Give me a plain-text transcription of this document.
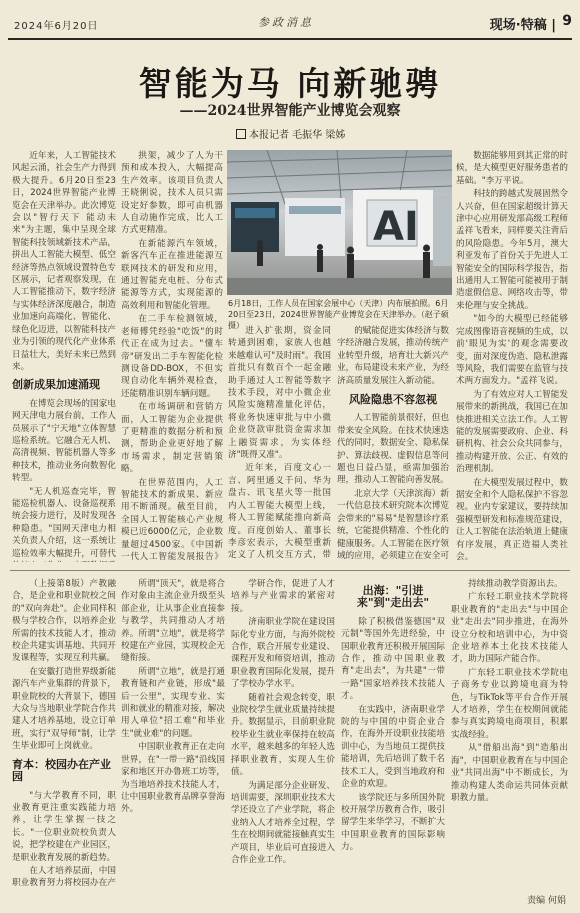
2024年6月20日	参政消息	现场·特稿 | 9
智能为马 向新驰骋
——2024世界智能产业博览会观察
本报记者 毛振华 梁姊

近年来，人工智能技术风起云涌，社会生产力得到极大提升。6月20日至23日，2024世界智能产业博览会在天津举办。此次博览会以"智行天下 能动未来"为主题，集中呈现全球智能科技领域新技术产品，拼出人工智能大模型、低空经济等热点领域设置特色专区展示，记者观察发现，在人工智能推动下，数字经济与实体经济深度融合，制造业加速向高端化、智能化、绿色化迈进，以智能科技产业为引领的现代化产业体系日益壮大，美好未来已然到来。

创新成果加速涌现

在博览会现场的国家电网天津电力展台前，工作人员展示了"宁天地"立体智慧巡检系统。它融合无人机、高清视频、智能机器人等多种技术，推动业务向数智化转型。

"无人机巡查完毕，智能巡检机器人、设备巡视系统会接力进行，及时发现各种隐患。"国网天津电力相关负责人介绍，这一系统让巡检效率大幅提升，可替代

拱架，减少了人为干预和成本投入，大幅提高生产效率。该项目负责人王晓俐说，技术人员只需设定好参数，即可由机器人自动施作完成，比人工方式更精准。

在新能源汽车领域，新客汽车正在推进能源互联网技术的研发和应用，通过智能充电桩、分布式能源等方式，实现能源的高效利用和智能化管理。

在二手车检测领域，老师傅凭经验"吃饭"的时代正在成为过去。"懂车帝"研发出二手车智能化检测设备DD-BOX，不但实现自动化车辆外观检查，还能精准识别车辆问题。

在市场调研和营销方面，人工智能为企业提供了更精准的数据分析和预测，帮助企业更好地了解市场需求，制定营销策略。

在世界范围内，人工智能技术的新成果、新应用不断涌现。截至目前，全国人工智能核心产业规模已近6000亿元，企业数量超过4500家。《中国新一代人工智能发展报告》

AI
6月18日，工作人员在国家会展中心（天津）内布展拍照。6月20日至23日，2024世界智能产业博览会在天津举办。（赵子硕 摄）

进入扩张期，资金同转通到困难，家族人也越来越难认可"及时雨"。我国首批只有数百个一起金融助手通过人工智能等数字技术手段，对中小微企业风险实施精准量化评估，将业务快速审批与中小微企业贷款审批资金需求加上融资需求，为实体经济"既得又准"。

近年来，百度文心一言、阿里通义千问、华为盘古、讯飞星火等一批国内人工智能大模型上线，将人工智能赋能推向新高度。百度创始人、董事长李彦宏表示，大模型重新定义了人机交互方式，带

的赋能促进实体经济与数字经济融合发展，推动传统产业转型升级，培育壮大新兴产业，布局建设未来产业，为经济高质量发展注入新动能。

风险隐患不容忽视

人工智能前景很好，但也带来安全风险。在技术快速迭代的同时，数据安全、隐私保护、算法歧视、虚假信息等问题也日益凸显，亟需加强治理，推动人工智能向善发展。

北京大学（天津滨海）新一代信息技术研究院本次博览会带来的"易易"是智慧诊疗系统，它能提供精准、个性化的健康服务。人工智能在医疗领域的应用，必须建立在安全可

数据能够用到其正常的时候，是大模型更好服务患者的基础。"李万平说。

科技的跨越式发展固然令人兴奋，但在国家超级计算天津中心应用研发部高级工程师孟祥飞看来，同样要关注背后的风险隐患。今年5月，澳大利亚发布了首份关于先进人工智能安全的国际科学报告，指出通用人工智能可能被用于制造虚假信息、网络攻击等，带来伦理与安全挑战。

"如今的大模型已经能够完成图像语音视频的生成，以前'眼见为实'的观念需要改变，面对深度伪造、隐私泄露等风险，我们需要在监管与技术两方面发力。"孟祥飞说。

为了有效应对人工智能发展带来的新挑战，我国已在加快推进相关立法工作。人工智能的发展需要政府、企业、科研机构、社会公众共同参与，推动构建开放、公正、有效的治理机制。

在大模型发展过程中，数据安全和个人隐私保护不容忽视。业内专家建议，要持续加强模型研发和标准规范建设，让人工智能在法治轨道上健康有序发展，真正造福人类社会。

（上接第8版）产教融合，是企业和职业院校之间的"双向奔赴"。企业同样积极与学校合作，以培养企业所需的技术技能人才，推动校企共建实训基地、共同开发课程等，实现互利共赢。

在安徽打造世界级新能源汽车产业集群的背景下，职业院校的大背景下，德国大众与当地职业学院合作共建人才培养基地，设立订单班，实行"双导师"制，让学生毕业即可上岗就业。

育本：校园办在产业园

"与大学教育不同，职业教育更注重实践能力培养，让学生掌握一技之长。"一位职业院校负责人说，把学校建在产业园区，是职业教育发展的新趋势。

在人才培养层面，中国职业教育努力将校园办在产

所谓"顶天"，就是将合作对象由主流企业升级至头部企业，让从事企业直接参与教学，共同推动人才培养。所谓"立地"，就是将学校建在产业园，实现校企无缝衔接。

所谓"立地"，就是打通教育链和产业链，形成"最后一公里"，实现专业、实训和就业的精准对接，解决用人单位"招工难"和毕业生"就业难"的问题。

中国职业教育正在走向世界，在"一带一路"沿线国家和地区开办鲁班工坊等，为当地培养技术技能人才，让中国职业教育品牌享誉海外。

学研合作，促进了人才培养与产业需求的紧密对接。

济南职业学院在建设国际化专业方面，与海外院校合作，联合开展专业建设、课程开发和师资培训，推动职业教育国际化发展，提升了学校办学水平。

随着社会观念转变，职业院校学生就业质量持续提升。数据显示，目前职业院校毕业生就业率保持在较高水平，越来越多的年轻人选择职业教育，实现人生价值。

为满足部分企业研发、培训需要，深圳职业技术大学还设立了产业学院，将企业纳入人才培养全过程，学生在校期间就能接触真实生产项目，毕业后可直接进入合作企业工作。

出海："引进来"到"走出去"

除了积极借鉴德国"双元制"等国外先进经验，中国职业教育还积极开展国际合作，推动中国职业教育"走出去"，为共建"一带一路"国家培养技术技能人才。

在实践中，济南职业学院的与中国的中资企业合作，在海外开设职业技能培训中心，为当地员工提供技能培训，先后培训了数千名技术工人，受到当地政府和企业的欢迎。

该学院还与多所国外院校开展学历教育合作，吸引留学生来华学习，不断扩大中国职业教育的国际影响力。

持续推动教学资源出去。

广东轻工职业技术学院将职业教育的"走出去"与中国企业"走出去"同步推进，在海外设立分校和培训中心，为中资企业培养本土化技术技能人才，助力国际产能合作。

广东轻工职业技术学院电子商务专业以跨境电商为特色，与TikTok等平台合作开展人才培养，学生在校期间就能参与真实跨境电商项目，积累实战经验。

从"借船出海"到"造船出海"，中国职业教育在与中国企业"共同出海"中不断成长，为推动构建人类命运共同体贡献职教力量。

责编 何娟
